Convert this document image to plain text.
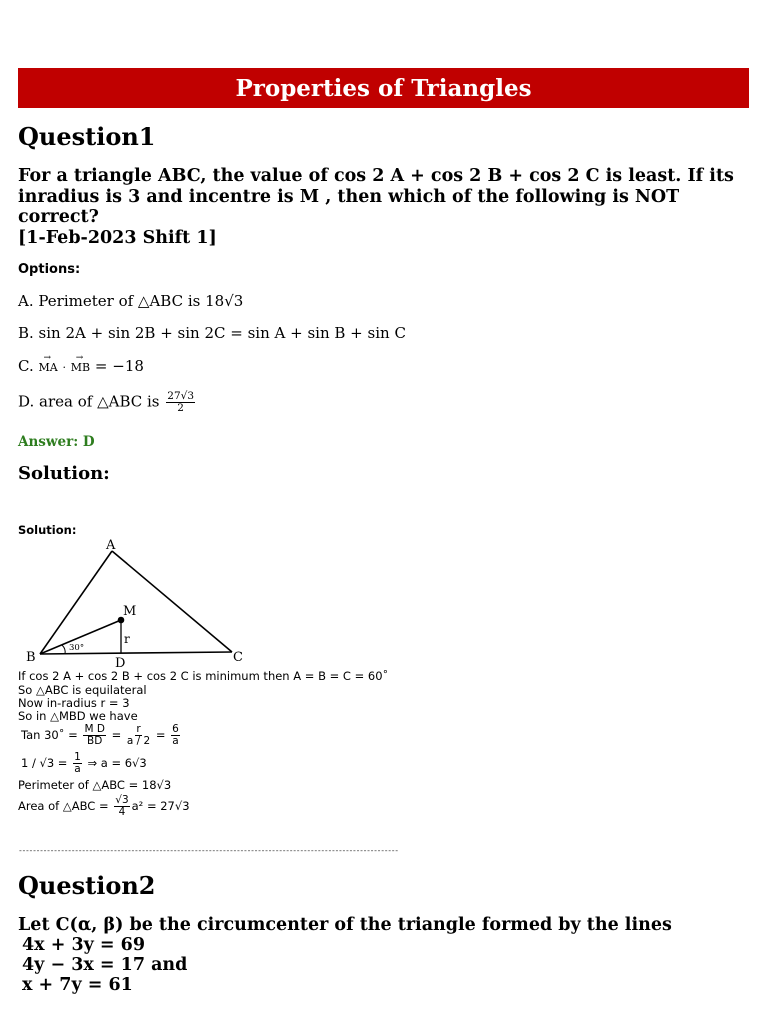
Properties of Triangles
Question1
For a triangle ABC, the value of cos 2 A + cos 2 B + cos 2 C is least. If its
inradius is 3 and incentre is M , then which of the following is NOT
correct?
[1-Feb-2023 Shift 1]
Options:
A. Perimeter of △ABC is 18√3
B. sin 2A + sin 2B + sin 2C = sin A + sin B + sin C
C. →
MA ·
→
MB = −18
D. area of △ABC is $\frac{27√3}{2}$
Answer: D
Solution:
Solution:
A
B	C
D
M
r
30°
If cos 2 A + cos 2 B + cos 2 C is minimum then A = B = C = 60˚
So △ABC is equilateral
Now in-radius r = 3
So in △MBD we have
Tan 30˚ = $\frac{\text{M D}}{BD} = \frac{r}{a / 2} = \frac{6}{a}$
$1 / √3 = \frac{1}{a}$ ⇒ a = 6√3
Perimeter of △ABC = 18√3
Area of △ABC = $\frac{√3}{4} a^2 = 27√3$
------------------------------------------------------------------------------------------------------------
Question2
Let C(α, β) be the circumcenter of the triangle formed by the lines
4x + 3y = 69
4y − 3x = 17 and
x + 7y = 61
